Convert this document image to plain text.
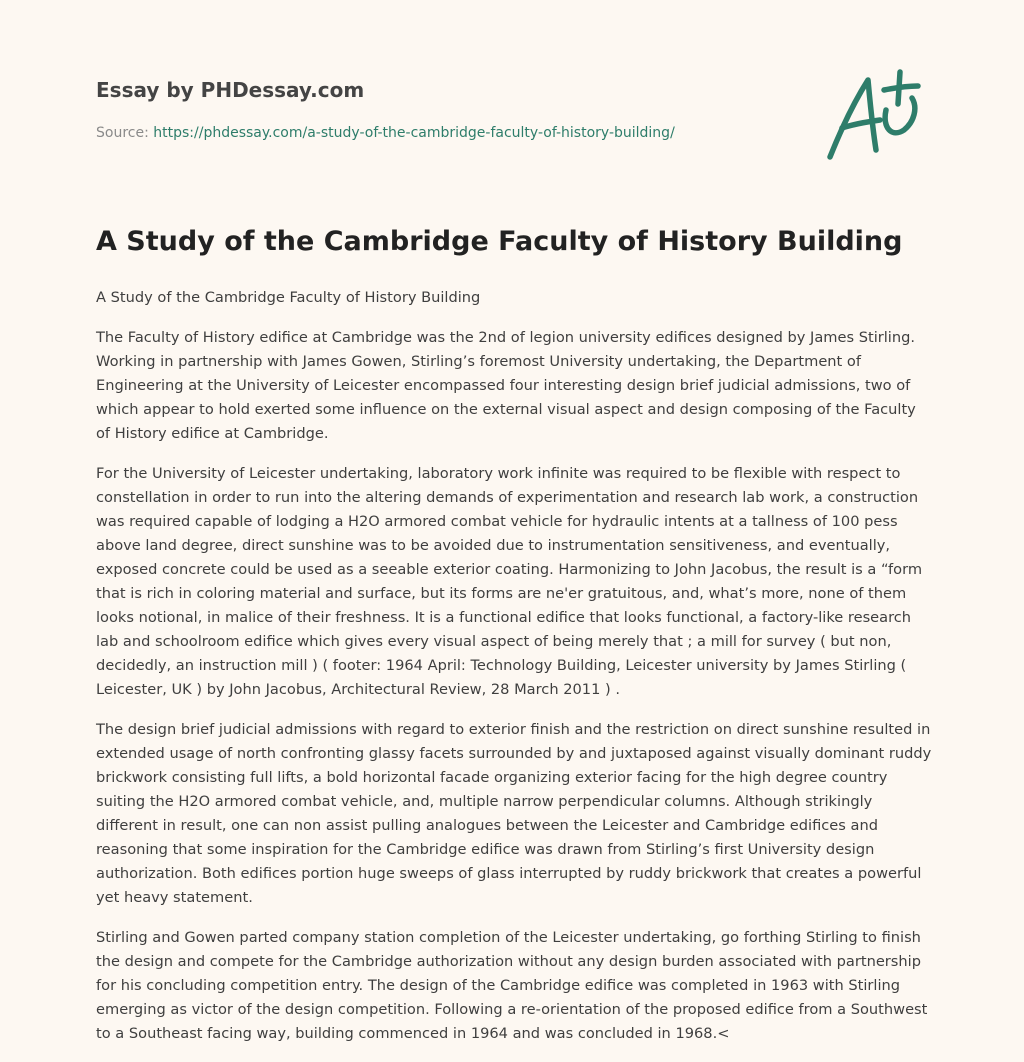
Essay by PHDessay.com
Source: https://phdessay.com/a-study-of-the-cambridge-faculty-of-history-building/
A Study of the Cambridge Faculty of History Building

A Study of the Cambridge Faculty of History Building

The Faculty of History edifice at Cambridge was the 2nd of legion university edifices designed by James Stirling. Working in partnership with James Gowen, Stirling’s foremost University undertaking, the Department of Engineering at the University of Leicester encompassed four interesting design brief judicial admissions, two of which appear to hold exerted some influence on the external visual aspect and design composing of the Faculty of History edifice at Cambridge.

For the University of Leicester undertaking, laboratory work infinite was required to be flexible with respect to constellation in order to run into the altering demands of experimentation and research lab work, a construction was required capable of lodging a H2O armored combat vehicle for hydraulic intents at a tallness of 100 pess above land degree, direct sunshine was to be avoided due to instrumentation sensitiveness, and eventually, exposed concrete could be used as a seeable exterior coating. Harmonizing to John Jacobus, the result is a “form that is rich in coloring material and surface, but its forms are ne'er gratuitous, and, what’s more, none of them looks notional, in malice of their freshness. It is a functional edifice that looks functional, a factory-like research lab and schoolroom edifice which gives every visual aspect of being merely that ; a mill for survey ( but non, decidedly, an instruction mill ) ( footer: 1964 April: Technology Building, Leicester university by James Stirling ( Leicester, UK ) by John Jacobus, Architectural Review, 28 March 2011 ) .

The design brief judicial admissions with regard to exterior finish and the restriction on direct sunshine resulted in extended usage of north confronting glassy facets surrounded by and juxtaposed against visually dominant ruddy brickwork consisting full lifts, a bold horizontal facade organizing exterior facing for the high degree country suiting the H2O armored combat vehicle, and, multiple narrow perpendicular columns. Although strikingly different in result, one can non assist pulling analogues between the Leicester and Cambridge edifices and reasoning that some inspiration for the Cambridge edifice was drawn from Stirling’s first University design authorization. Both edifices portion huge sweeps of glass interrupted by ruddy brickwork that creates a powerful yet heavy statement.

Stirling and Gowen parted company station completion of the Leicester undertaking, go forthing Stirling to finish the design and compete for the Cambridge authorization without any design burden associated with partnership for his concluding competition entry. The design of the Cambridge edifice was completed in 1963 with Stirling emerging as victor of the design competition. Following a re-orientation of the proposed edifice from a Southwest to a Southeast facing way, building commenced in 1964 and was concluded in 1968.<
